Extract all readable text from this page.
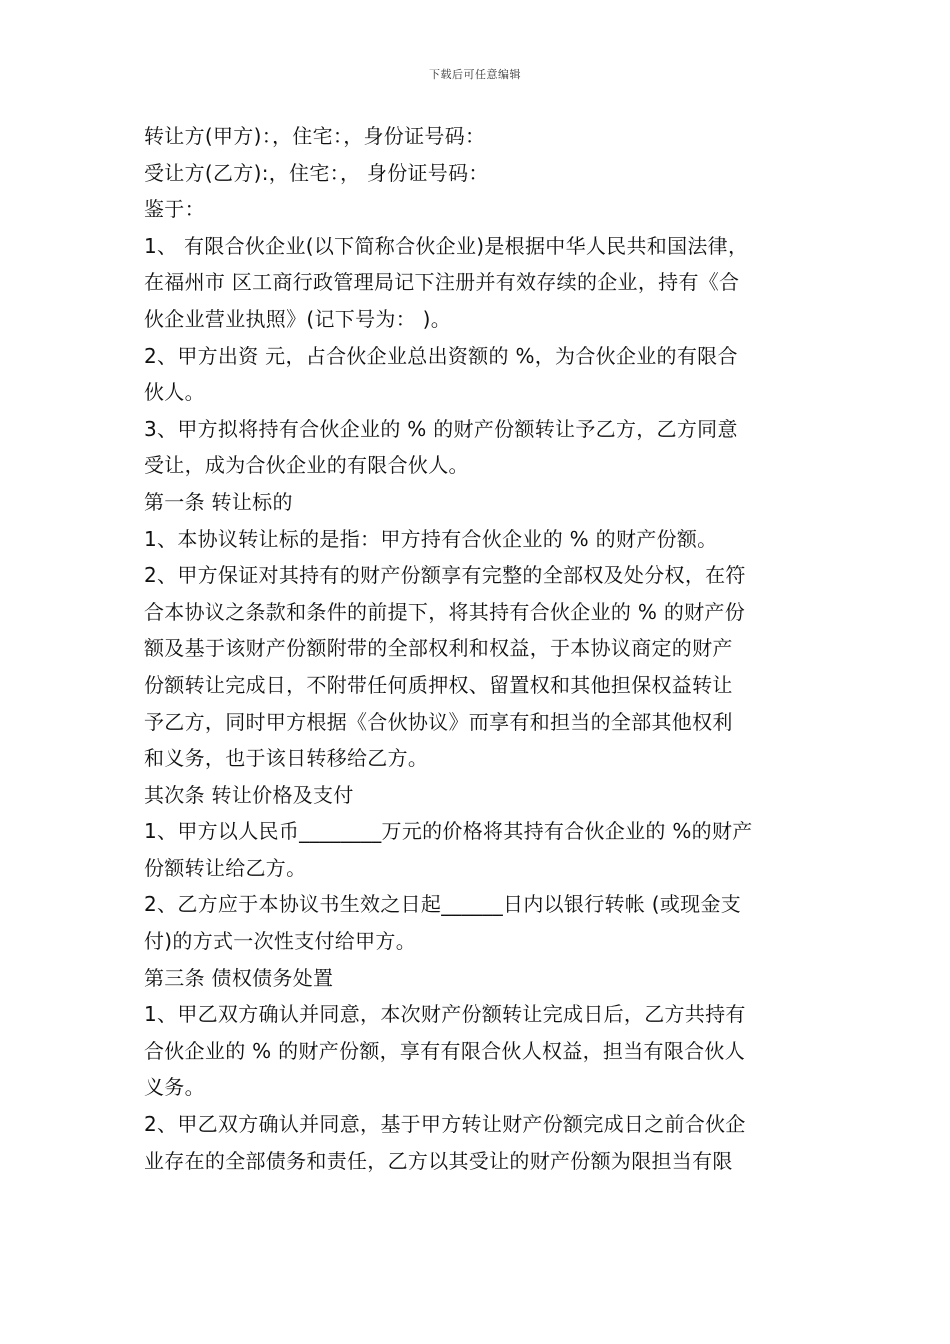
下载后可任意编辑
转让方(甲方)：，住宅：，身份证号码：
受让方(乙方):，住宅：， 身份证号码：
鉴于：
1、 有限合伙企业(以下简称合伙企业)是根据中华人民共和国法律，
在福州市 区工商行政管理局记下注册并有效存续的企业，持有《合
伙企业营业执照》(记下号为： )。
2、甲方出资 元，占合伙企业总出资额的 %，为合伙企业的有限合
伙人。
3、甲方拟将持有合伙企业的 % 的财产份额转让予乙方，乙方同意
受让，成为合伙企业的有限合伙人。
第一条 转让标的
1、本协议转让标的是指：甲方持有合伙企业的 % 的财产份额。
2、甲方保证对其持有的财产份额享有完整的全部权及处分权，在符
合本协议之条款和条件的前提下，将其持有合伙企业的 % 的财产份
额及基于该财产份额附带的全部权利和权益，于本协议商定的财产
份额转让完成日，不附带任何质押权、留置权和其他担保权益转让
予乙方，同时甲方根据《合伙协议》而享有和担当的全部其他权利
和义务，也于该日转移给乙方。
其次条 转让价格及支付
1、甲方以人民币________万元的价格将其持有合伙企业的 %的财产
份额转让给乙方。
2、乙方应于本协议书生效之日起______日内以银行转帐 (或现金支
付)的方式一次性支付给甲方。
第三条 债权债务处置
1、甲乙双方确认并同意，本次财产份额转让完成日后，乙方共持有
合伙企业的 % 的财产份额，享有有限合伙人权益，担当有限合伙人
义务。
2、甲乙双方确认并同意，基于甲方转让财产份额完成日之前合伙企
业存在的全部债务和责任，乙方以其受让的财产份额为限担当有限
